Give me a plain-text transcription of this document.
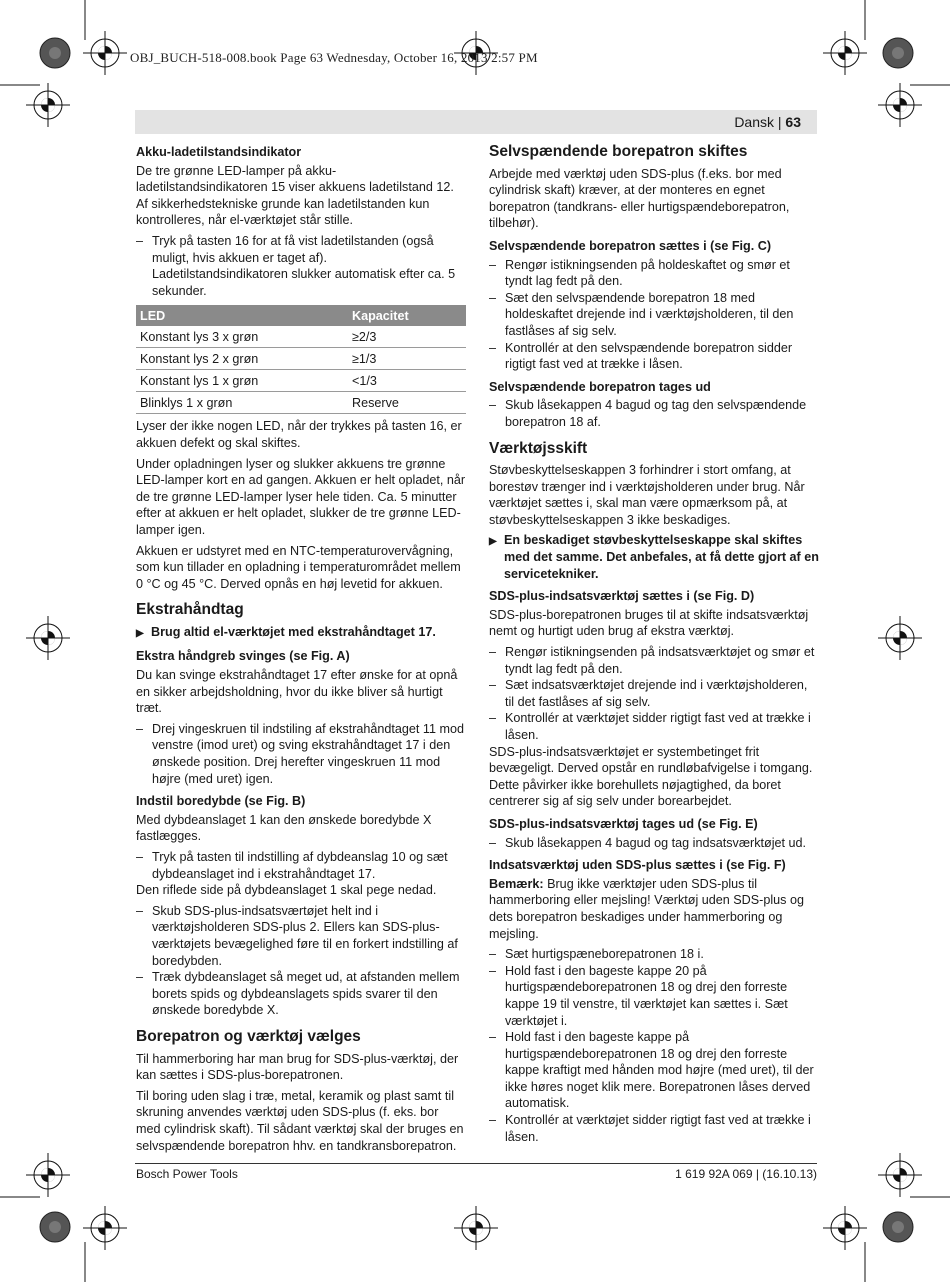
OBJ_BUCH-518-008.book Page 63 Wednesday, October 16, 2013 2:57 PM
Dansk | 63
Akku-ladetilstandsindikator

De tre grønne LED-lamper på akku-ladetilstandsindikatoren 15 viser akkuens ladetilstand 12. Af sikkerhedstekniske grunde kan ladetilstanden kun kontrolleres, når el-værktøjet står stille.

– Tryk på tasten 16 for at få vist ladetilstanden (også muligt, hvis akkuen er taget af). Ladetilstandsindikatoren slukker automatisk efter ca. 5 sekunder.
LED	Kapacitet
Konstant lys 3 x grøn	≥2/3
Konstant lys 2 x grøn	≥1/3
Konstant lys 1 x grøn	<1/3
Blinklys 1 x grøn	Reserve

Lyser der ikke nogen LED, når der trykkes på tasten 16, er akkuen defekt og skal skiftes.

Under opladningen lyser og slukker akkuens tre grønne LED-lamper kort en ad gangen. Akkuen er helt opladet, når de tre grønne LED-lamper lyser hele tiden. Ca. 5 minutter efter at akkuen er helt opladet, slukker de tre grønne LED-lamper igen.

Akkuen er udstyret med en NTC-temperaturovervågning, som kun tillader en opladning i temperaturområdet mellem 0 °C og 45 °C. Derved opnås en høj levetid for akkuen.

Ekstrahåndtag
▶ Brug altid el-værktøjet med ekstrahåndtaget 17.
Ekstra håndgreb svinges (se Fig. A)

Du kan svinge ekstrahåndtaget 17 efter ønske for at opnå en sikker arbejdsholdning, hvor du ikke bliver så hurtigt træt.

– Drej vingeskruen til indstiling af ekstrahåndtaget 11 mod venstre (imod uret) og sving ekstrahåndtaget 17 i den ønskede position. Drej herefter vingeskruen 11 mod højre (med uret) igen.
Indstil boredybde (se Fig. B)

Med dybdeanslaget 1 kan den ønskede boredybde X fastlægges.

– Tryk på tasten til indstilling af dybdeanslag 10 og sæt dybdeanslaget ind i ekstrahåndtaget 17.

Den riflede side på dybdeanslaget 1 skal pege nedad.

– Skub SDS-plus-indsatsværtøjet helt ind i værktøjsholderen SDS-plus 2. Ellers kan SDS-plus-værktøjets bevægelighed føre til en forkert indstilling af boredybden.
– Træk dybdeanslaget så meget ud, at afstanden mellem borets spids og dybdeanslagets spids svarer til den ønskede boredybde X.
Borepatron og værktøj vælges

Til hammerboring har man brug for SDS-plus-værktøj, der kan sættes i SDS-plus-borepatronen.

Til boring uden slag i træ, metal, keramik og plast samt til skruning anvendes værktøj uden SDS-plus (f. eks. bor med cylindrisk skaft). Til sådant værktøj skal der bruges en selvspændende borepatron hhv. en tandkransborepatron.

Selvspændende borepatron skiftes

Arbejde med værktøj uden SDS-plus (f.eks. bor med cylindrisk skaft) kræver, at der monteres en egnet borepatron (tandkrans- eller hurtigspændeborepatron, tilbehør).

Selvspændende borepatron sættes i (se Fig. C)
– Rengør istikningsenden på holdeskaftet og smør et tyndt lag fedt på den.
– Sæt den selvspændende borepatron 18 med holdeskaftet drejende ind i værktøjsholderen, til den fastlåses af sig selv.
– Kontrollér at den selvspændende borepatron sidder rigtigt fast ved at trække i låsen.
Selvspændende borepatron tages ud
– Skub låsekappen 4 bagud og tag den selvspændende borepatron 18 af.
Værktøjsskift

Støvbeskyttelseskappen 3 forhindrer i stort omfang, at borestøv trænger ind i værktøjsholderen under brug. Når værktøjet sættes i, skal man være opmærksom på, at støvbeskyttelseskappen 3 ikke beskadiges.

▶ En beskadiget støvbeskyttelseskappe skal skiftes med det samme. Det anbefales, at få dette gjort af en servicetekniker.
SDS-plus-indsatsværktøj sættes i (se Fig. D)

SDS-plus-borepatronen bruges til at skifte indsatsværktøj nemt og hurtigt uden brug af ekstra værktøj.

– Rengør istikningsenden på indsatsværktøjet og smør et tyndt lag fedt på den.
– Sæt indsatsværktøjet drejende ind i værktøjsholderen, til det fastlåses af sig selv.
– Kontrollér at værktøjet sidder rigtigt fast ved at trække i låsen.

SDS-plus-indsatsværktøjet er systembetinget frit bevægeligt. Derved opstår en rundløbafvigelse i tomgang. Dette påvirker ikke borehullets nøjagtighed, da boret centrerer sig af sig selv under borearbejdet.

SDS-plus-indsatsværktøj tages ud (se Fig. E)
– Skub låsekappen 4 bagud og tag indsatsværktøjet ud.
Indsatsværktøj uden SDS-plus sættes i (se Fig. F)

Bemærk: Brug ikke værktøjer uden SDS-plus til hammerboring eller mejsling! Værktøj uden SDS-plus og dets borepatron beskadiges under hammerboring og mejsling.

– Sæt hurtigspæneborepatronen 18 i.
– Hold fast i den bageste kappe 20 på hurtigspændeborepatronen 18 og drej den forreste kappe 19 til venstre, til værktøjet kan sættes i. Sæt værktøjet i.
– Hold fast i den bageste kappe på hurtigspændeborepatronen 18 og drej den forreste kappe kraftigt med hånden mod højre (med uret), til der ikke høres noget klik mere. Borepatronen låses derved automatisk.
– Kontrollér at værktøjet sidder rigtigt fast ved at trække i låsen.
Bosch Power Tools	1 619 92A 069 | (16.10.13)
